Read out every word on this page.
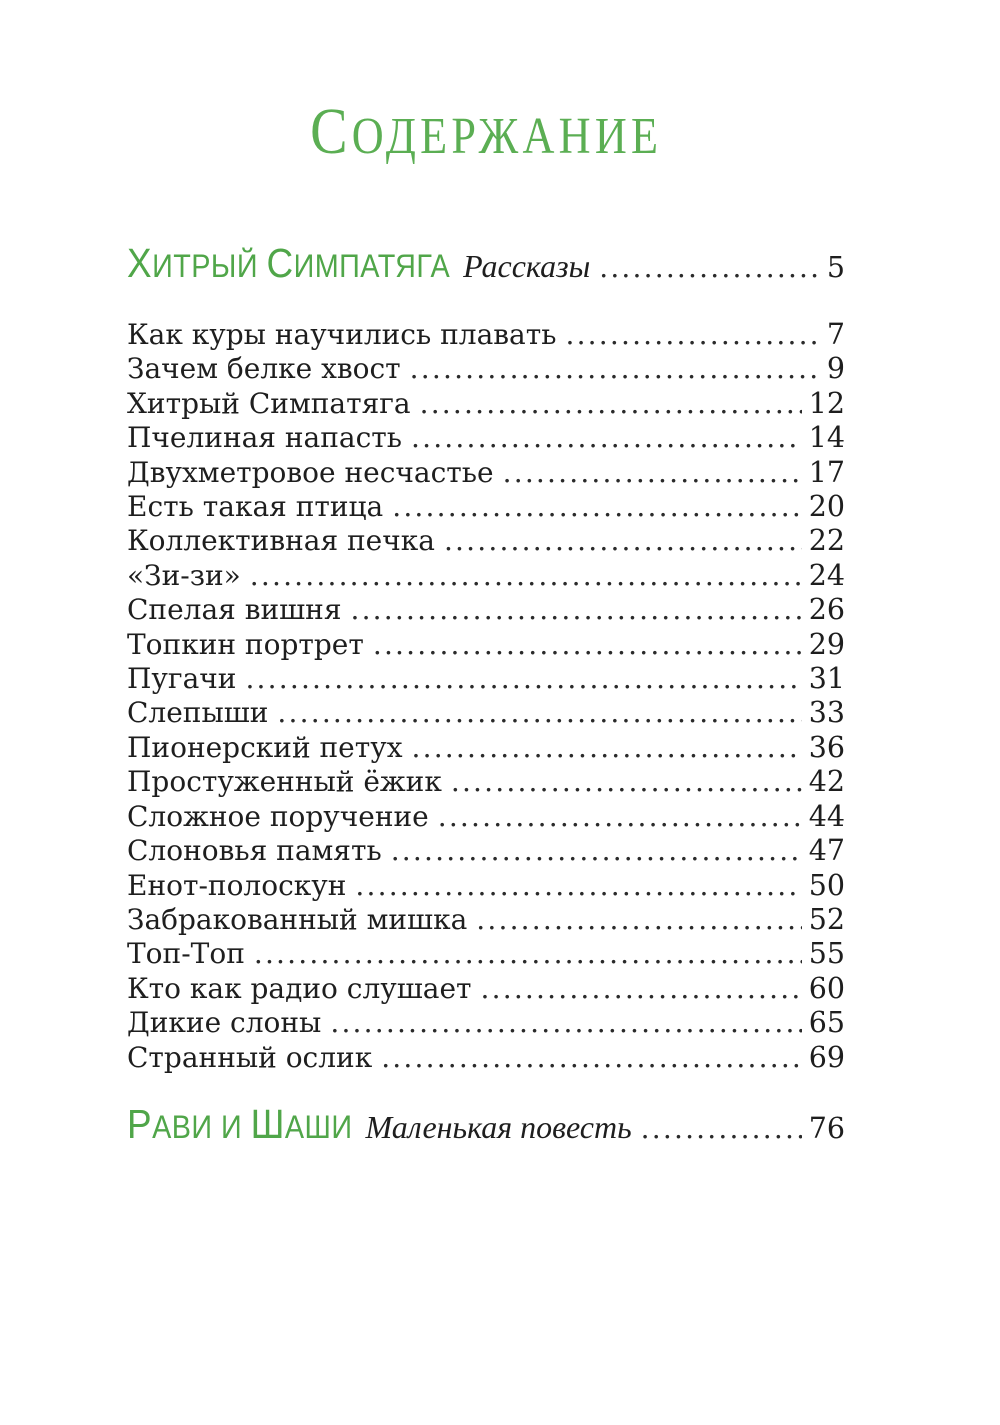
СОДЕРЖАНИЕ
ХИТРЫЙ СИМПАТЯГА Рассказы .....	5
Как куры научились плавать .....	7
Зачем белке хвост .....	9
Хитрый Симпатяга .....	12
Пчелиная напасть .....	14
Двухметровое несчастье .....	17
Есть такая птица .....	20
Коллективная печка .....	22
«Зи-зи» .....	24
Спелая вишня .....	26
Топкин портрет .....	29
Пугачи .....	31
Слепыши .....	33
Пионерский петух .....	36
Простуженный ёжик .....	42
Сложное поручение .....	44
Слоновья память .....	47
Енот-полоскун .....	50
Забракованный мишка .....	52
Топ-Топ .....	55
Кто как радио слушает .....	60
Дикие слоны .....	65
Странный ослик .....	69
РАВИ И ШАШИ Маленькая повесть .....	76
